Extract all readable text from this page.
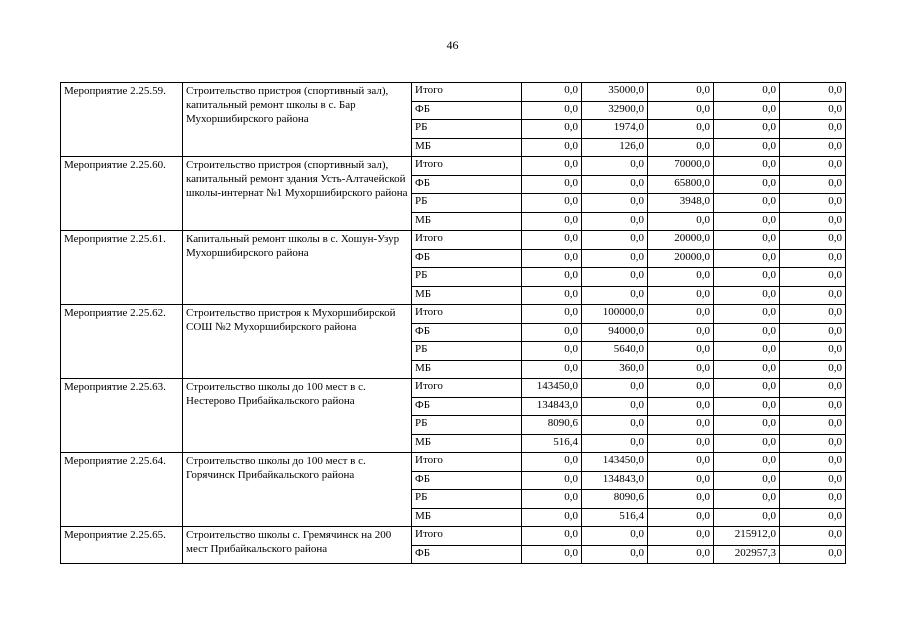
46
Мероприятие 2.25.59.	Строительство пристроя (спортивный зал), капитальный ремонт школы в с. Бар Мухоршибирского района	Итого	0,0	35000,0	0,0	0,0	0,0
		ФБ	0,0	32900,0	0,0	0,0	0,0
		РБ	0,0	1974,0	0,0	0,0	0,0
		МБ	0,0	126,0	0,0	0,0	0,0
Мероприятие 2.25.60.	Строительство пристроя (спортивный зал), капитальный ремонт здания Усть-Алтачейской школы-интернат №1 Мухоршибирского района	Итого	0,0	0,0	70000,0	0,0	0,0
		ФБ	0,0	0,0	65800,0	0,0	0,0
		РБ	0,0	0,0	3948,0	0,0	0,0
		МБ	0,0	0,0	0,0	0,0	0,0
Мероприятие 2.25.61.	Капитальный ремонт школы в с. Хошун-Узур Мухоршибирского района	Итого	0,0	0,0	20000,0	0,0	0,0
		ФБ	0,0	0,0	20000,0	0,0	0,0
		РБ	0,0	0,0	0,0	0,0	0,0
		МБ	0,0	0,0	0,0	0,0	0,0
Мероприятие 2.25.62.	Строительство пристроя к Мухоршибирской СОШ №2 Мухоршибирского района	Итого	0,0	100000,0	0,0	0,0	0,0
		ФБ	0,0	94000,0	0,0	0,0	0,0
		РБ	0,0	5640,0	0,0	0,0	0,0
		МБ	0,0	360,0	0,0	0,0	0,0
Мероприятие 2.25.63.	Строительство школы до 100 мест в с. Нестерово Прибайкальского района	Итого	143450,0	0,0	0,0	0,0	0,0
		ФБ	134843,0	0,0	0,0	0,0	0,0
		РБ	8090,6	0,0	0,0	0,0	0,0
		МБ	516,4	0,0	0,0	0,0	0,0
Мероприятие 2.25.64.	Строительство школы до 100 мест в с. Горячинск Прибайкальского района	Итого	0,0	143450,0	0,0	0,0	0,0
		ФБ	0,0	134843,0	0,0	0,0	0,0
		РБ	0,0	8090,6	0,0	0,0	0,0
		МБ	0,0	516,4	0,0	0,0	0,0
Мероприятие 2.25.65.	Строительство школы с. Гремячинск на 200 мест Прибайкальского района	Итого	0,0	0,0	0,0	215912,0	0,0
		ФБ	0,0	0,0	0,0	202957,3	0,0
